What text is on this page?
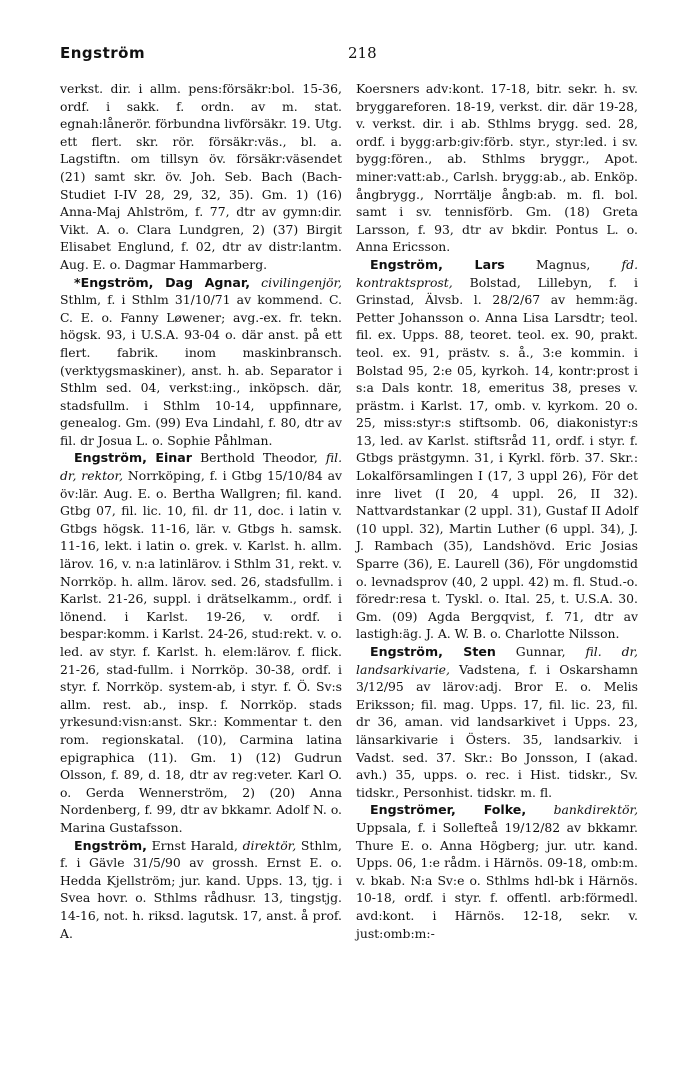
Engström	218

verkst. dir. i allm. pens:försäkr:bol. 15-36, ordf. i sakk. f. ordn. av m. stat. egnah:lånerör. förbundna livförsäkr. 19. Utg. ett flert. skr. rör. försäkr:väs., bl. a. Lagstiftn. om tillsyn öv. försäkr:väsendet (21) samt skr. öv. Joh. Seb. Bach (Bach-Studiet I-IV 28, 29, 32, 35). Gm. 1) (16) Anna-Maj Ahlström, f. 77, dtr av gymn:dir. Vikt. A. o. Clara Lundgren, 2) (37) Birgit Elisabet Englund, f. 02, dtr av distr:lantm. Aug. E. o. Dagmar Hammarberg.

*Engström, Dag Agnar, civilingenjör, Sthlm, f. i Sthlm 31/10/71 av kommend. C. C. E. o. Fanny Løwener; avg.-ex. fr. tekn. högsk. 93, i U.S.A. 93-04 o. där anst. på ett flert. fabrik. inom maskinbransch.(verktygsmaskiner), anst. h. ab. Separator i Sthlm sed. 04, verkst:ing., inköpsch. där, stadsfullm. i Sthlm 10-14, uppfinnare, genealog. Gm. (99) Eva Lindahl, f. 80, dtr av fil. dr Josua L. o. Sophie Påhlman.

Engström, Einar Berthold Theodor, fil. dr, rektor, Norrköping, f. i Gtbg 15/10/84 av öv:lär. Aug. E. o. Bertha Wallgren; fil. kand. Gtbg 07, fil. lic. 10, fil. dr 11, doc. i latin v. Gtbgs högsk. 11-16, lär. v. Gtbgs h. samsk. 11-16, lekt. i latin o. grek. v. Karlst. h. allm. lärov. 16, v. n:a latinlärov. i Sthlm 31, rekt. v. Norrköp. h. allm. lärov. sed. 26, stadsfullm. i Karlst. 21-26, suppl. i drätselkamm., ordf. i lönend. i Karlst. 19-26, v. ordf. i bespar:komm. i Karlst. 24-26, stud:rekt. v. o. led. av styr. f. Karlst. h. elem:lärov. f. flick. 21-26, stad-fullm. i Norrköp. 30-38, ordf. i styr. f. Norrköp. system-ab, i styr. f. Ö. Sv:s allm. rest. ab., insp. f. Norrköp. stads yrkesund:visn:anst. Skr.: Kommentar t. den rom. regionskatal. (10), Carmina latina epigraphica (11). Gm. 1) (12) Gudrun Olsson, f. 89, d. 18, dtr av reg:veter. Karl O. o. Gerda Wennerström, 2) (20) Anna Nordenberg, f. 99, dtr av bkkamr. Adolf N. o. Marina Gustafsson.

Engström, Ernst Harald, direktör, Sthlm, f. i Gävle 31/5/90 av grossh. Ernst E. o. Hedda Kjellström; jur. kand. Upps. 13, tjg. i Svea hovr. o. Sthlms rådhusr. 13, tingstjg. 14-16, not. h. riksd. lagutsk. 17, anst. å prof. A.

Koersners adv:kont. 17-18, bitr. sekr. h. sv. bryggareforen. 18-19, verkst. dir. där 19-28, v. verkst. dir. i ab. Sthlms brygg. sed. 28, ordf. i bygg:arb:giv:förb. styr., styr:led. i sv. bygg:fören., ab. Sthlms bryggr., Apot. miner:vatt:ab., Carlsh. brygg:ab., ab. Enköp. ångbrygg., Norrtälje ångb:ab. m. fl. bol. samt i sv. tennisförb. Gm. (18) Greta Larsson, f. 93, dtr av bkdir. Pontus L. o. Anna Ericsson.

Engström, Lars Magnus, fd. kontraktsprost, Bolstad, Lillebyn, f. i Grinstad, Älvsb. l. 28/2/67 av hemm:äg. Petter Johansson o. Anna Lisa Larsdtr; teol. fil. ex. Upps. 88, teoret. teol. ex. 90, prakt. teol. ex. 91, prästv. s. å., 3:e kommin. i Bolstad 95, 2:e 05, kyrkoh. 14, kontr:prost i s:a Dals kontr. 18, emeritus 38, preses v. prästm. i Karlst. 17, omb. v. kyrkom. 20 o. 25, miss:styr:s stiftsomb. 06, diakonistyr:s 13, led. av Karlst. stiftsråd 11, ordf. i styr. f. Gtbgs prästgymn. 31, i Kyrkl. förb. 37. Skr.: Lokalförsamlingen I (17, 3 uppl 26), För det inre livet (I 20, 4 uppl. 26, II 32). Nattvardstankar (2 uppl. 31), Gustaf II Adolf (10 uppl. 32), Martin Luther (6 uppl. 34), J. J. Rambach (35), Landshövd. Eric Josias Sparre (36), E. Laurell (36), För ungdomstid o. levnadsprov (40, 2 uppl. 42) m. fl. Stud.-o. föredr:resa t. Tyskl. o. Ital. 25, t. U.S.A. 30. Gm. (09) Agda Bergqvist, f. 71, dtr av lastigh:äg. J. A. W. B. o. Charlotte Nilsson.

Engström, Sten Gunnar, fil. dr, landsarkivarie, Vadstena, f. i Oskarshamn 3/12/95 av lärov:adj. Bror E. o. Melis Eriksson; fil. mag. Upps. 17, fil. lic. 23, fil. dr 36, aman. vid landsarkivet i Upps. 23, länsarkivarie i Östers. 35, landsarkiv. i Vadst. sed. 37. Skr.: Bo Jonsson, I (akad. avh.) 35, upps. o. rec. i Hist. tidskr., Sv. tidskr., Personhist. tidskr. m. fl.

Engströmer, Folke, bankdirektör, Uppsala, f. i Sollefteå 19/12/82 av bkkamr. Thure E. o. Anna Högberg; jur. utr. kand. Upps. 06, 1:e rådm. i Härnös. 09-18, omb:m. v. bkab. N:a Sv:e o. Sthlms hdl-bk i Härnös. 10-18, ordf. i styr. f. offentl. arb:förmedl. avd:kont. i Härnös. 12-18, sekr. v. just:omb:m:-
